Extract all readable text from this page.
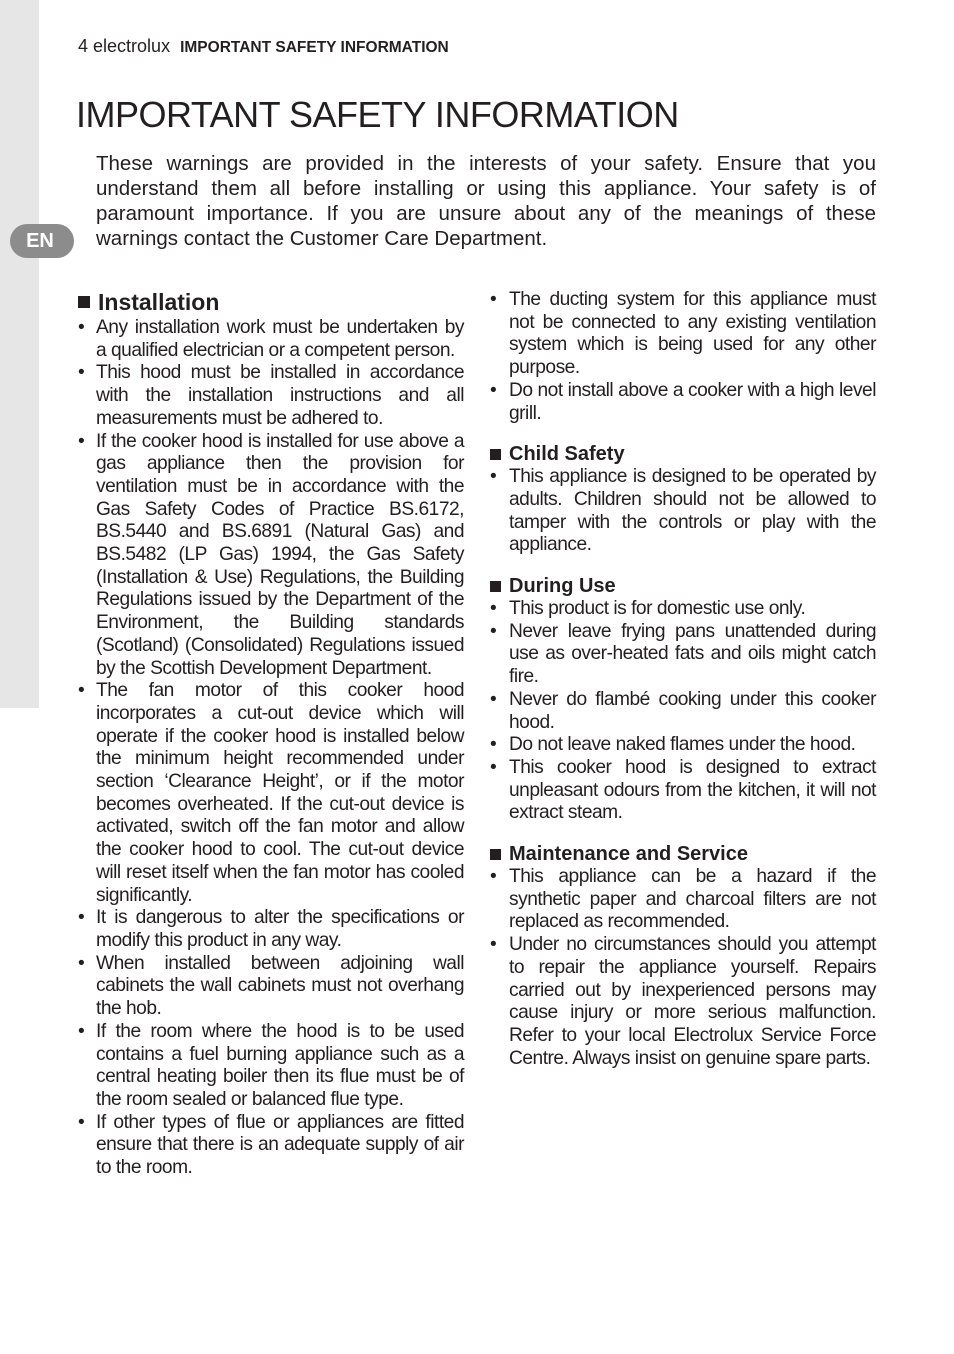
EN
4 electrolux IMPORTANT SAFETY INFORMATION
IMPORTANT SAFETY INFORMATION

These warnings are provided in the interests of your safety. Ensure that you understand them all before installing or using this appliance. Your safety is of paramount importance. If you are unsure about any of the meanings of these warnings contact the Customer Care Department.

Installation
• Any installation work must be undertaken by a qualified electrician or a competent person.
• This hood must be installed in accordance with the installation instructions and all measurements must be adhered to.
• If the cooker hood is installed for use above a gas appliance then the provision for ventilation must be in accordance with the Gas Safety Codes of Practice BS.6172, BS.5440 and BS.6891 (Natural Gas) and BS.5482 (LP Gas) 1994, the Gas Safety (Installation & Use) Regulations, the Building Regulations issued by the Department of the Environment, the Building standards (Scotland) (Consolidated) Regulations issued by the Scottish Development Department.
• The fan motor of this cooker hood incorporates a cut-out device which will operate if the cooker hood is installed below the minimum height recommended under section ‘Clearance Height’, or if the motor becomes overheated. If the cut-out device is activated, switch off the fan motor and allow the cooker hood to cool. The cut-out device will reset itself when the fan motor has cooled significantly.
• It is dangerous to alter the specifications or modify this product in any way.
• When installed between adjoining wall cabinets the wall cabinets must not overhang the hob.
• If the room where the hood is to be used contains a fuel burning appliance such as a central heating boiler then its flue must be of the room sealed or balanced flue type.
• If other types of flue or appliances are fitted ensure that there is an adequate supply of air to the room.
• The ducting system for this appliance must not be connected to any existing ventilation system which is being used for any other purpose.
• Do not install above a cooker with a high level grill.
Child Safety
• This appliance is designed to be operated by adults. Children should not be allowed to tamper with the controls or play with the appliance.
During Use
• This product is for domestic use only.
• Never leave frying pans unattended during use as over-heated fats and oils might catch fire.
• Never do flambé cooking under this cooker hood.
• Do not leave naked flames under the hood.
• This cooker hood is designed to extract unpleasant odours from the kitchen, it will not extract steam.
Maintenance and Service
• This appliance can be a hazard if the synthetic paper and charcoal filters are not replaced as recommended.
• Under no circumstances should you attempt to repair the appliance yourself. Repairs carried out by inexperienced persons may cause injury or more serious malfunction. Refer to your local Electrolux Service Force Centre. Always insist on genuine spare parts.
